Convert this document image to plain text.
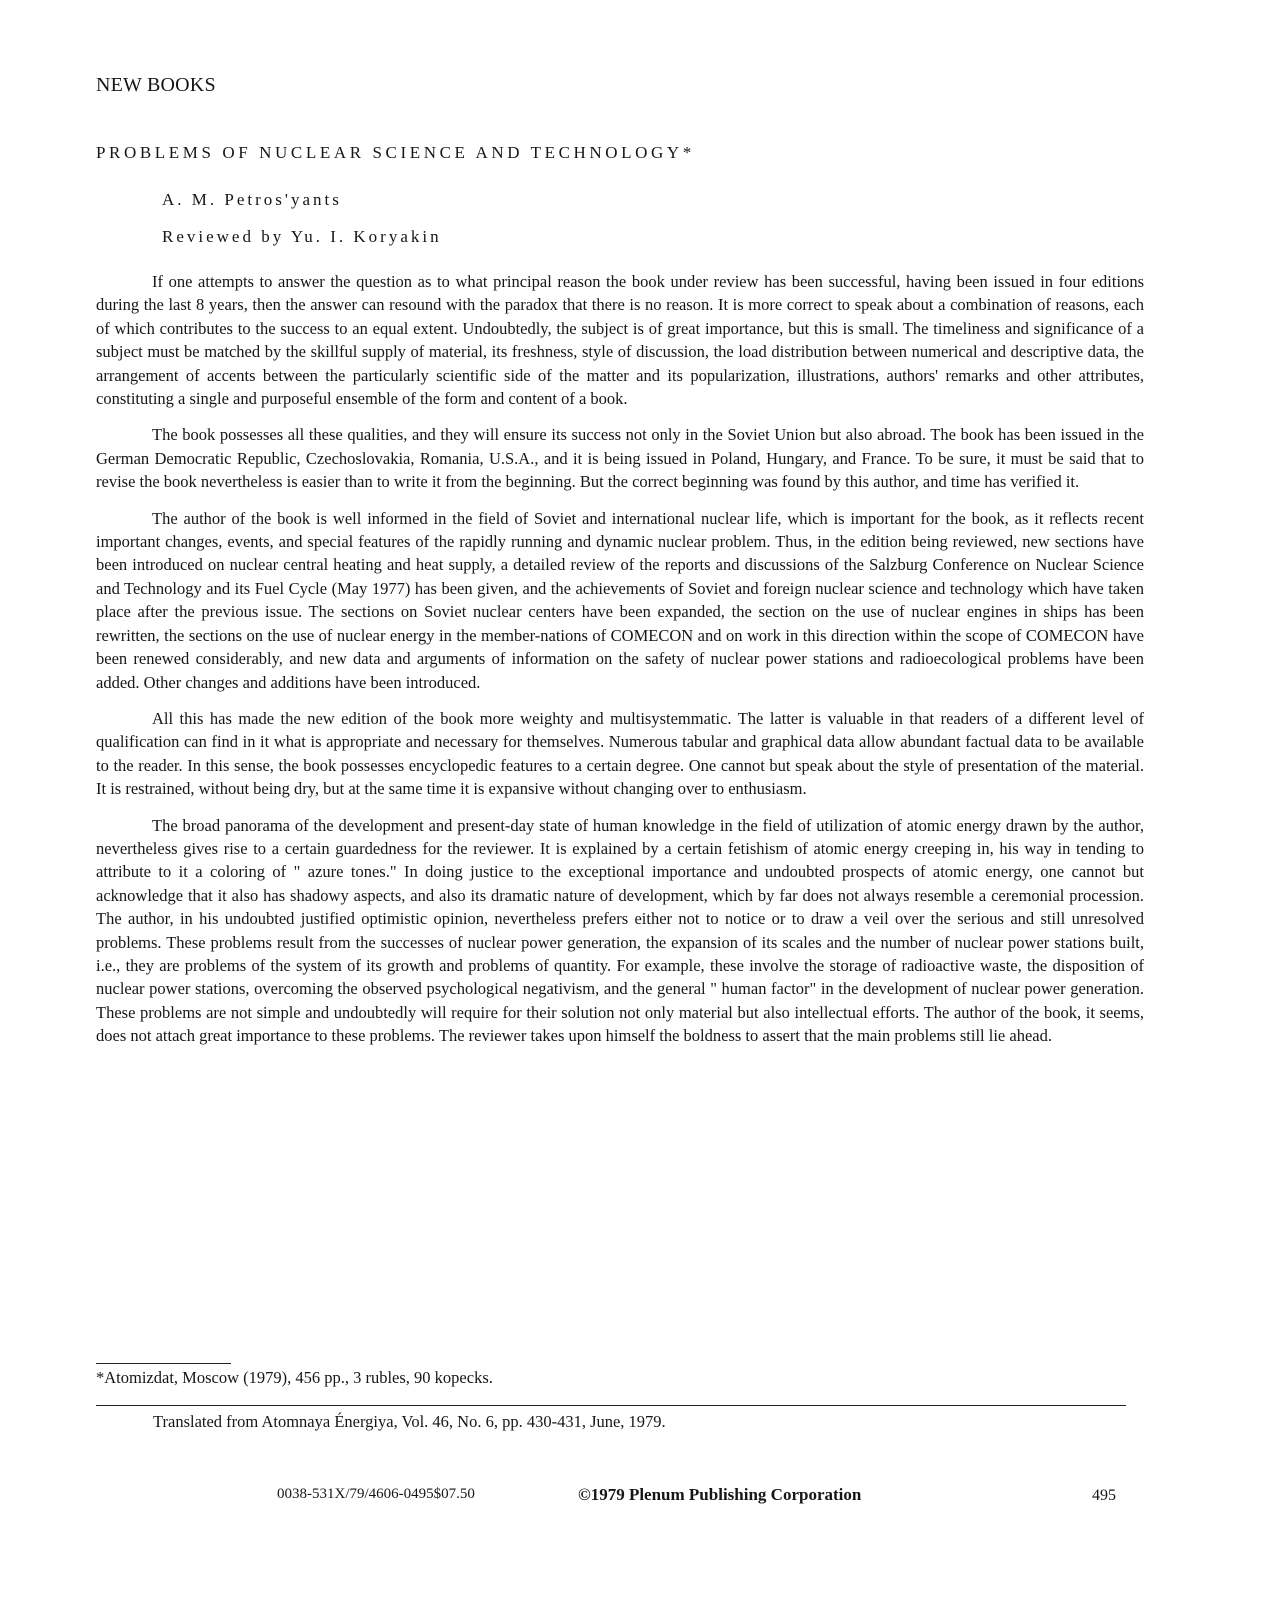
NEW BOOKS
PROBLEMS OF NUCLEAR SCIENCE AND TECHNOLOGY*
A. M. Petros'yants
Reviewed by Yu. I. Koryakin

If one attempts to answer the question as to what principal reason the book under review has been successful, having been issued in four editions during the last 8 years, then the answer can resound with the paradox that there is no reason. It is more correct to speak about a combination of reasons, each of which contributes to the success to an equal extent. Undoubtedly, the subject is of great importance, but this is small. The timeliness and significance of a subject must be matched by the skillful supply of material, its freshness, style of discussion, the load distribution between numerical and descriptive data, the arrangement of accents between the particularly scientific side of the matter and its popularization, illustrations, authors' remarks and other attributes, constituting a single and purposeful ensemble of the form and content of a book.

The book possesses all these qualities, and they will ensure its success not only in the Soviet Union but also abroad. The book has been issued in the German Democratic Republic, Czechoslovakia, Romania, U.S.A., and it is being issued in Poland, Hungary, and France. To be sure, it must be said that to revise the book nevertheless is easier than to write it from the beginning. But the correct beginning was found by this author, and time has verified it.

The author of the book is well informed in the field of Soviet and international nuclear life, which is important for the book, as it reflects recent important changes, events, and special features of the rapidly running and dynamic nuclear problem. Thus, in the edition being reviewed, new sections have been introduced on nuclear central heating and heat supply, a detailed review of the reports and discussions of the Salzburg Conference on Nuclear Science and Technology and its Fuel Cycle (May 1977) has been given, and the achievements of Soviet and foreign nuclear science and technology which have taken place after the previous issue. The sections on Soviet nuclear centers have been expanded, the section on the use of nuclear engines in ships has been rewritten, the sections on the use of nuclear energy in the member-nations of COMECON and on work in this direction within the scope of COMECON have been renewed considerably, and new data and arguments of information on the safety of nuclear power stations and radioecological problems have been added. Other changes and additions have been introduced.

All this has made the new edition of the book more weighty and multisystemmatic. The latter is valuable in that readers of a different level of qualification can find in it what is appropriate and necessary for themselves. Numerous tabular and graphical data allow abundant factual data to be available to the reader. In this sense, the book possesses encyclopedic features to a certain degree. One cannot but speak about the style of presentation of the material. It is restrained, without being dry, but at the same time it is expansive without changing over to enthusiasm.

The broad panorama of the development and present-day state of human knowledge in the field of utilization of atomic energy drawn by the author, nevertheless gives rise to a certain guardedness for the reviewer. It is explained by a certain fetishism of atomic energy creeping in, his way in tending to attribute to it a coloring of " azure tones." In doing justice to the exceptional importance and undoubted prospects of atomic energy, one cannot but acknowledge that it also has shadowy aspects, and also its dramatic nature of development, which by far does not always resemble a ceremonial procession. The author, in his undoubted justified optimistic opinion, nevertheless prefers either not to notice or to draw a veil over the serious and still unresolved problems. These problems result from the successes of nuclear power generation, the expansion of its scales and the number of nuclear power stations built, i.e., they are problems of the system of its growth and problems of quantity. For example, these involve the storage of radioactive waste, the disposition of nuclear power stations, overcoming the observed psychological negativism, and the general " human factor" in the development of nuclear power generation. These problems are not simple and undoubtedly will require for their solution not only material but also intellectual efforts. The author of the book, it seems, does not attach great importance to these problems. The reviewer takes upon himself the boldness to assert that the main problems still lie ahead.

*Atomizdat, Moscow (1979), 456 pp., 3 rubles, 90 kopecks.
Translated from Atomnaya Énergiya, Vol. 46, No. 6, pp. 430-431, June, 1979.
0038-531X/79/4606-0495$07.50	©1979 Plenum Publishing Corporation	495
